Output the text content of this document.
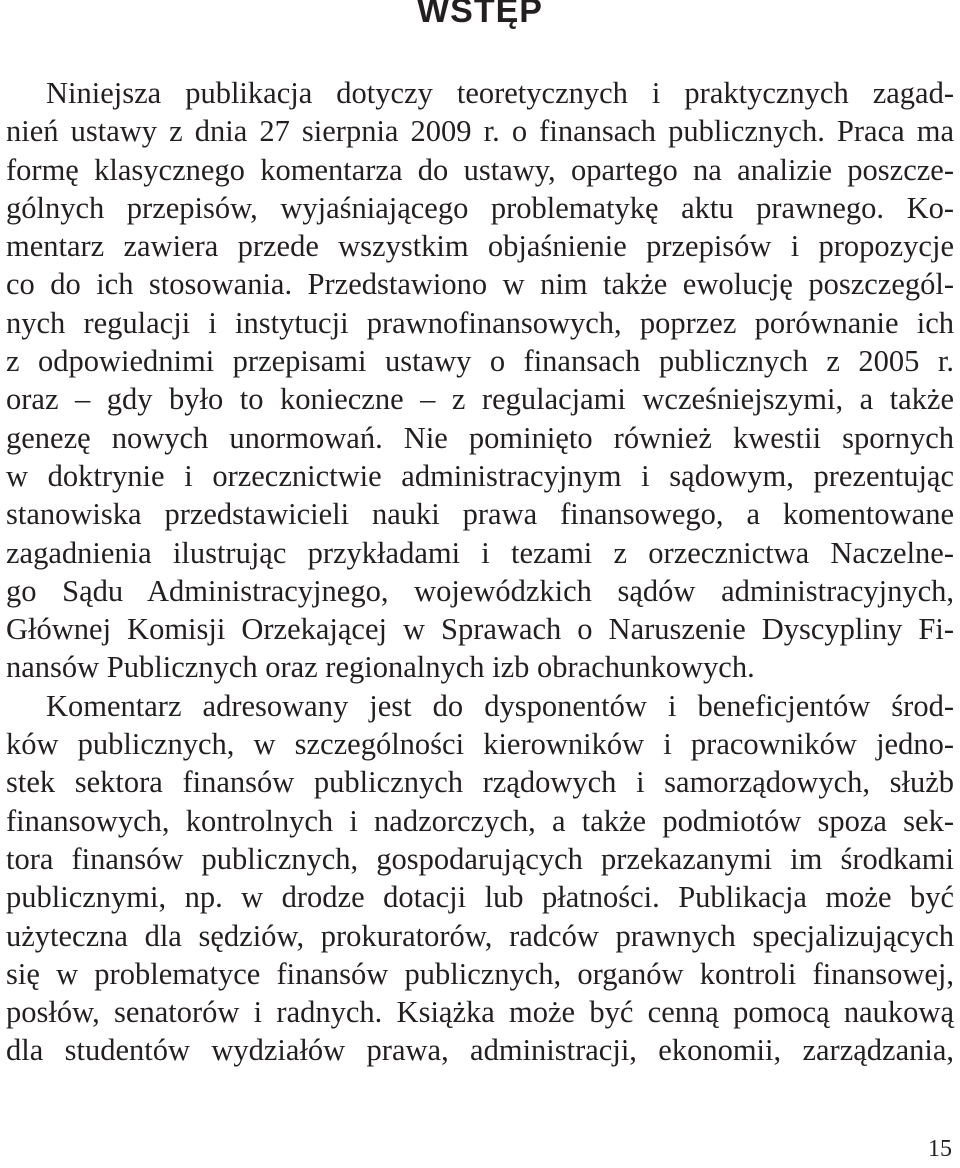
WSTĘP
Niniejsza publikacja dotyczy teoretycznych i praktycznych zagad-
nień ustawy z dnia 27 sierpnia 2009 r. o finansach publicznych. Praca ma
formę klasycznego komentarza do ustawy, opartego na analizie poszcze-
gólnych przepisów, wyjaśniającego problematykę aktu prawnego. Ko-
mentarz zawiera przede wszystkim objaśnienie przepisów i propozycje
co do ich stosowania. Przedstawiono w nim także ewolucję poszczegól-
nych regulacji i instytucji prawnofinansowych, poprzez porównanie ich
z odpowiednimi przepisami ustawy o finansach publicznych z 2005 r.
oraz – gdy było to konieczne – z regulacjami wcześniejszymi, a także
genezę nowych unormowań. Nie pominięto również kwestii spornych
w doktrynie i orzecznictwie administracyjnym i sądowym, prezentując
stanowiska przedstawicieli nauki prawa finansowego, a komentowane
zagadnienia ilustrując przykładami i tezami z orzecznictwa Naczelne-
go Sądu Administracyjnego, wojewódzkich sądów administracyjnych,
Głównej Komisji Orzekającej w Sprawach o Naruszenie Dyscypliny Fi-
nansów Publicznych oraz regionalnych izb obrachunkowych.
Komentarz adresowany jest do dysponentów i beneficjentów środ-
ków publicznych, w szczególności kierowników i pracowników jedno-
stek sektora finansów publicznych rządowych i samorządowych, służb
finansowych, kontrolnych i nadzorczych, a także podmiotów spoza sek-
tora finansów publicznych, gospodarujących przekazanymi im środkami
publicznymi, np. w drodze dotacji lub płatności. Publikacja może być
użyteczna dla sędziów, prokuratorów, radców prawnych specjalizujących
się w problematyce finansów publicznych, organów kontroli finansowej,
posłów, senatorów i radnych. Książka może być cenną pomocą naukową
dla studentów wydziałów prawa, administracji, ekonomii, zarządzania,
15
